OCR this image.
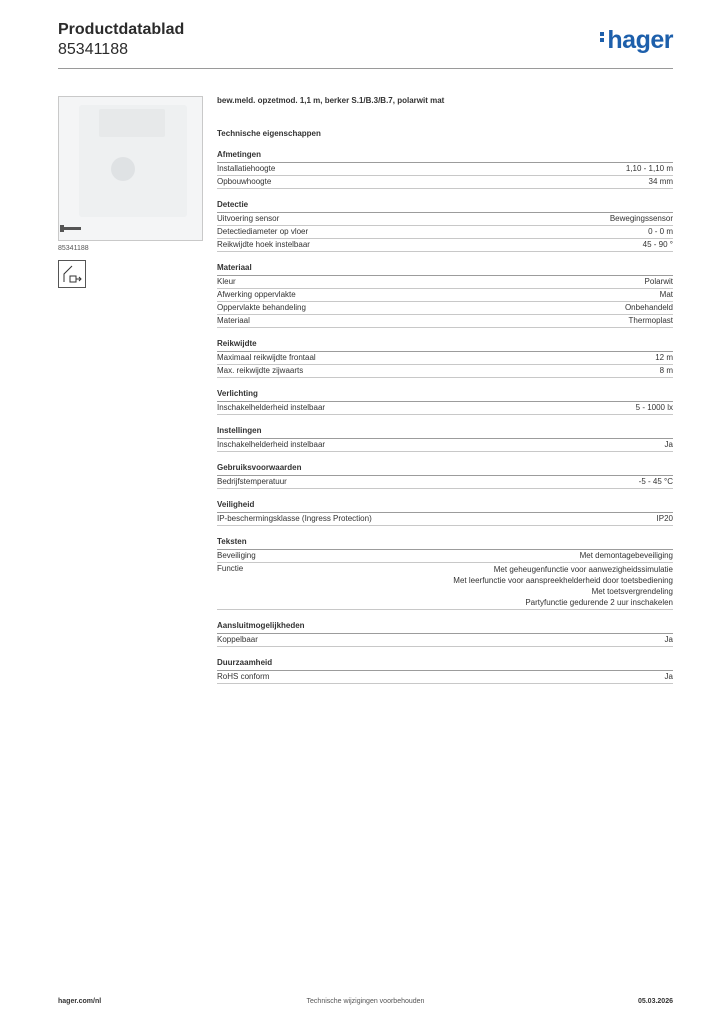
Productdatablad
85341188	hager
85341188
bew.meld. opzetmod. 1,1 m, berker S.1/B.3/B.7, polarwit mat
Technische eigenschappen
Afmetingen
Installatiehoogte	1,10 - 1,10 m
Opbouwhoogte	34 mm
Detectie
Uitvoering sensor	Bewegingssensor
Detectiediameter op vloer	0 - 0 m
Reikwijdte hoek instelbaar	45 - 90 °
Materiaal
Kleur	Polarwit
Afwerking oppervlakte	Mat
Oppervlakte behandeling	Onbehandeld
Materiaal	Thermoplast
Reikwijdte
Maximaal reikwijdte frontaal	12 m
Max. reikwijdte zijwaarts	8 m
Verlichting
Inschakelhelderheid instelbaar	5 - 1000 lx
Instellingen
Inschakelhelderheid instelbaar	Ja
Gebruiksvoorwaarden
Bedrijfstemperatuur	-5 - 45 °C
Veiligheid
IP-beschermingsklasse (Ingress Protection)	IP20
Teksten
Beveiliging	Met demontagebeveiliging
Functie	Met geheugenfunctie voor aanwezigheidssimulatie
Met leerfunctie voor aanspreekhelderheid door toetsbediening
Met toetsvergrendeling
Partyfunctie gedurende 2 uur inschakelen
Aansluitmogelijkheden
Koppelbaar	Ja
Duurzaamheid
RoHS conform	Ja
hager.com/nl	Technische wijzigingen voorbehouden	05.03.2026
